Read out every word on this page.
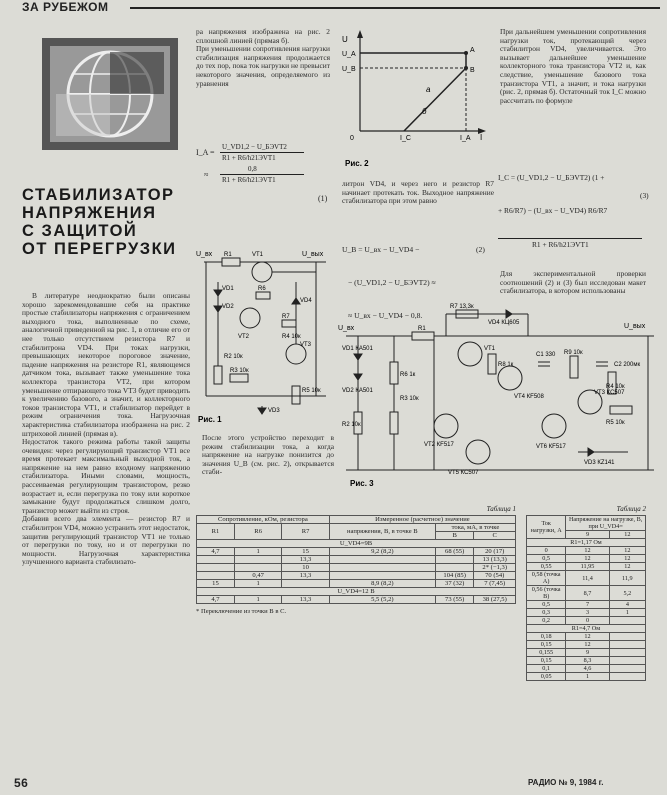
ЗА РУБЕЖОМ
СТАБИЛИЗАТОР
НАПРЯЖЕНИЯ
С ЗАЩИТОЙ
ОТ ПЕРЕГРУЗКИ
В литературе неоднократно были описаны хорошо зарекомендовавшие себя на практике простые стабилизаторы напряжения с ограничением выходного тока, выполненные по схеме, аналогичной приведенной на рис. 1, в отличие его от нее только отсутствием резистора R7 и стабилитрона VD4. При токах нагрузки, превышающих некоторое пороговое значение, падение напряжения на резисторе R1, являющемся датчиком тока, вызывает также уменьшение тока коллектора транзистора VT2, при котором уменьшение отпирающего тока VT3 будет приводить к увеличению базового, а значит, и коллекторного токов транзистора VT1, и стабилизатор перейдет в режим ограничения тока. Нагрузочная характеристика стабилизатора изображена на рис. 2 штриховой линией (прямая в).
Недостаток такого режима работы такой защиты очевиден: через регулирующий транзистор VT1 все время протекает максимальный выходной ток, а напряжение на нем равно входному напряжению стабилизатора. Иными словами, мощность, рассеиваемая регулирующим транзистором, резко возрастает и, если перегрузка по току или короткое замыкание будут продолжаться слишком долго, транзистор может выйти из строя.
Добавив всего два элемента — резистор R7 и стабилитрон VD4, можно устранить этот недостаток, защитив регулирующий транзистор VT1 не только от перегрузки по току, но и от перегрузки по мощности. Нагрузочная характеристика улучшенного варианта стабилизато-
ра напряжения изображена на рис. 2 сплошной линией (прямая б).
При уменьшении сопротивления нагрузки стабилизация напряжения продолжается до тех пор, пока ток нагрузки не превысит некоторого значения, определяемого из уравнения

I_A =

U_VD1,2 − U_БЭVT2

R1 + R6/h21ЭVT1

≈

0,8

R1 + R6/h21ЭVT1

(1)

U
U_A
U_B
0
A
B
I_C	I_A I
a
б
Рис. 2
литрон VD4, и через него и резистор R7 начинает протекать ток. Выходное напряжение стабилизатора при этом равно

U_B = U_вх − U_VD4 −

− (U_VD1,2 − U_БЭVT2) ≈

≈ U_вх − U_VD4 − 0,8.

(2)

При дальнейшем уменьшении сопротивления нагрузки ток, протекающий через стабилитрон VD4, увеличивается. Это вызывает дальнейшее уменьшение коллекторного тока транзистора VT2 и, как следствие, уменьшение базового тока транзистора VT1, а значит, и тока нагрузки (рис. 2, прямая б). Остаточный ток I_C можно рассчитать по формуле

I_C = (U_VD1,2 − U_БЭVT2) (1 +

+ R6/R7) − (U_вх − U_VD4) R6/R7

R1 + R6/h21ЭVT1

(3)

Для экспериментальной проверки соотношений (2) и (3) был исследован макет стабилизатора, в котором использованы
U_вх	U_вых
R1	VT1
VD1
VD2
R6
VD4
VT2
R7
R2 10к
VT3
R3 10к
R5 10к
R4 10к
VD3
Рис. 1
После этого устройство переходит в режим стабилизации тока, а когда напряжение на нагрузке понизится до значения U_B (см. рис. 2), открывается стаби-
U_вх	U_вых
R7 13,3к
VD4 КЦ605
R1
VT1
R8 1к
C1 330 R9 10к
C2 200мк
VD1 КА501
R6 1к
VT4 КF508
VT3 КС507
VD2 КА501
R3 10к
R4 10к
R2 10к
VT2 КF517
VT5 КС507
VT6 КF517
R5 10к
VD3 КZ141
Рис. 3
Таблица 1
Сопротивление, кОм, резистора			Измеренное (расчетное) значение		
R1	R6	R7	напряжения, В, в точке В	тока, мА, в точке	
				B	C
U_VD4=9B					
4,7	1	15	9,2 (8,2)	68 (55)	20 (17)
		13,3			13 (13,3)
		10			2* (−1,3)
	0,47	13,3		104 (85)	70 (54)
15	1		8,9 (8,2)	37 (32)	7 (7,45)
U_VD4=12 B					
4,7	1	13,3	5,5 (5,2)	73 (55)	38 (27,5)
* Переключение из точки В в С.
Таблица 2
Ток нагрузки, А	Напряжение на нагрузке, В, при U_VD4=	
	9	12
R1=1,17 Ом		
0	12	12
0,5	12	12
0,55	11,95	12
0,58 (точка A)	11,4	11,9
0,56 (точка B)	8,7	5,2
0,5	7	4
0,3	3	1
0,2	0	
R1=4,7 Ом		
0,18	12	
0,15	12	
0,155	9	
0,15	8,3	
0,1	4,6	
0,05	1	
56	РАДИО № 9, 1984 г.
